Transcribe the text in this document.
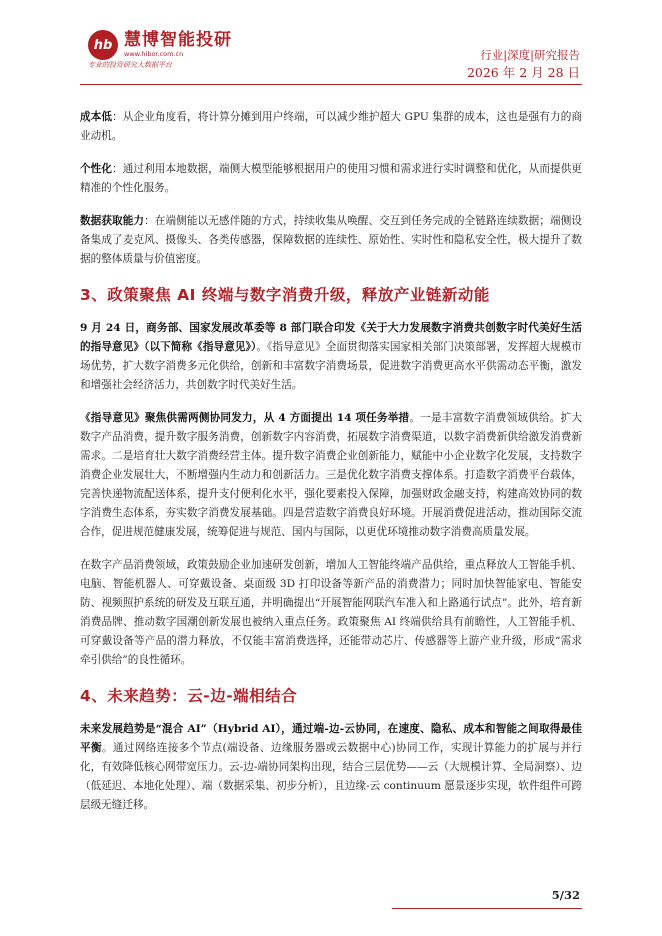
hb 慧博智能投研
www.hibor.com.cn
专业的投资研究大数据平台
行业|深度|研究报告
2026 年 2 月 28 日

成本低：从企业角度看，将计算分摊到用户终端，可以减少维护超大 GPU 集群的成本，这也是强有力的商业动机。

个性化：通过利用本地数据，端侧大模型能够根据用户的使用习惯和需求进行实时调整和优化，从而提供更精准的个性化服务。

数据获取能力：在端侧能以无感伴随的方式，持续收集从唤醒、交互到任务完成的全链路连续数据；端侧设备集成了麦克风、摄像头、各类传感器，保障数据的连续性、原始性、实时性和隐私安全性，极大提升了数据的整体质量与价值密度。

3、政策聚焦 AI 终端与数字消费升级，释放产业链新动能

9 月 24 日，商务部、国家发展改革委等 8 部门联合印发《关于大力发展数字消费共创数字时代美好生活的指导意见》（以下简称《指导意见》）。《指导意见》全面贯彻落实国家相关部门决策部署，发挥超大规模市场优势，扩大数字消费多元化供给，创新和丰富数字消费场景，促进数字消费更高水平供需动态平衡，激发和增强社会经济活力，共创数字时代美好生活。

《指导意见》聚焦供需两侧协同发力，从 4 方面提出 14 项任务举措。一是丰富数字消费领域供给。扩大数字产品消费，提升数字服务消费，创新数字内容消费，拓展数字消费渠道，以数字消费新供给激发消费新需求。二是培育壮大数字消费经营主体。提升数字消费企业创新能力，赋能中小企业数字化发展，支持数字消费企业发展壮大，不断增强内生动力和创新活力。三是优化数字消费支撑体系。打造数字消费平台载体，完善快递物流配送体系，提升支付便利化水平，强化要素投入保障，加强财政金融支持，构建高效协同的数字消费生态体系，夯实数字消费发展基础。四是营造数字消费良好环境。开展消费促进活动，推动国际交流合作，促进规范健康发展，统筹促进与规范、国内与国际，以更优环境推动数字消费高质量发展。

在数字产品消费领域，政策鼓励企业加速研发创新，增加人工智能终端产品供给，重点释放人工智能手机、电脑、智能机器人、可穿戴设备、桌面级 3D 打印设备等新产品的消费潜力；同时加快智能家电、智能安防、视频照护系统的研发及互联互通，并明确提出“开展智能网联汽车准入和上路通行试点”。此外，培育新消费品牌、推动数字国潮创新发展也被纳入重点任务。政策聚焦 AI 终端供给具有前瞻性，人工智能手机、可穿戴设备等产品的潜力释放，不仅能丰富消费选择，还能带动芯片、传感器等上游产业升级，形成“需求牵引供给”的良性循环。

4、未来趋势：云-边-端相结合

未来发展趋势是“混合 AI”（Hybrid AI），通过端-边-云协同，在速度、隐私、成本和智能之间取得最佳平衡。通过网络连接多个节点(端设备、边缘服务器或云数据中心)协同工作，实现计算能力的扩展与并行化，有效降低核心网带宽压力。云-边-端协同架构出现，结合三层优势——云（大规模计算、全局洞察）、边（低延迟、本地化处理）、端（数据采集、初步分析），且边缘-云 continuum 愿景逐步实现，软件组件可跨层级无缝迁移。

5/32
